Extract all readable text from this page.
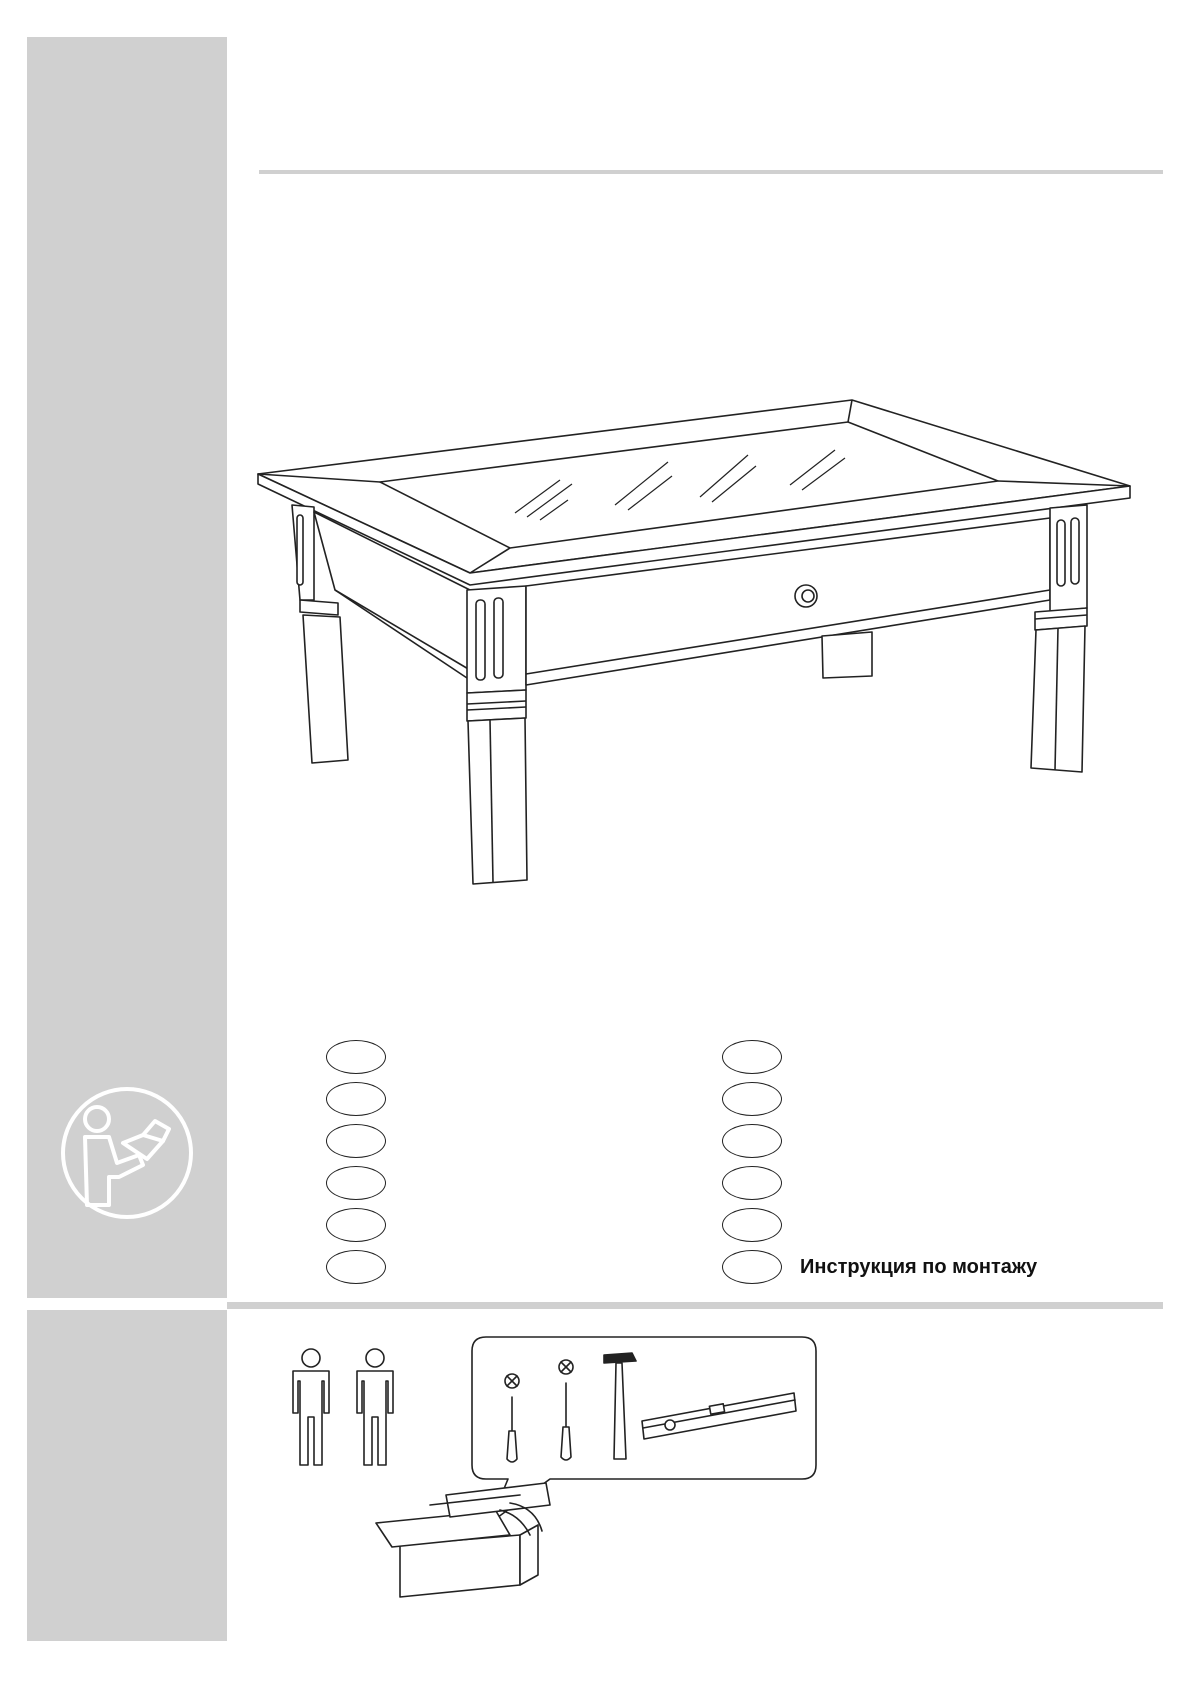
Инструкция по монтажу
